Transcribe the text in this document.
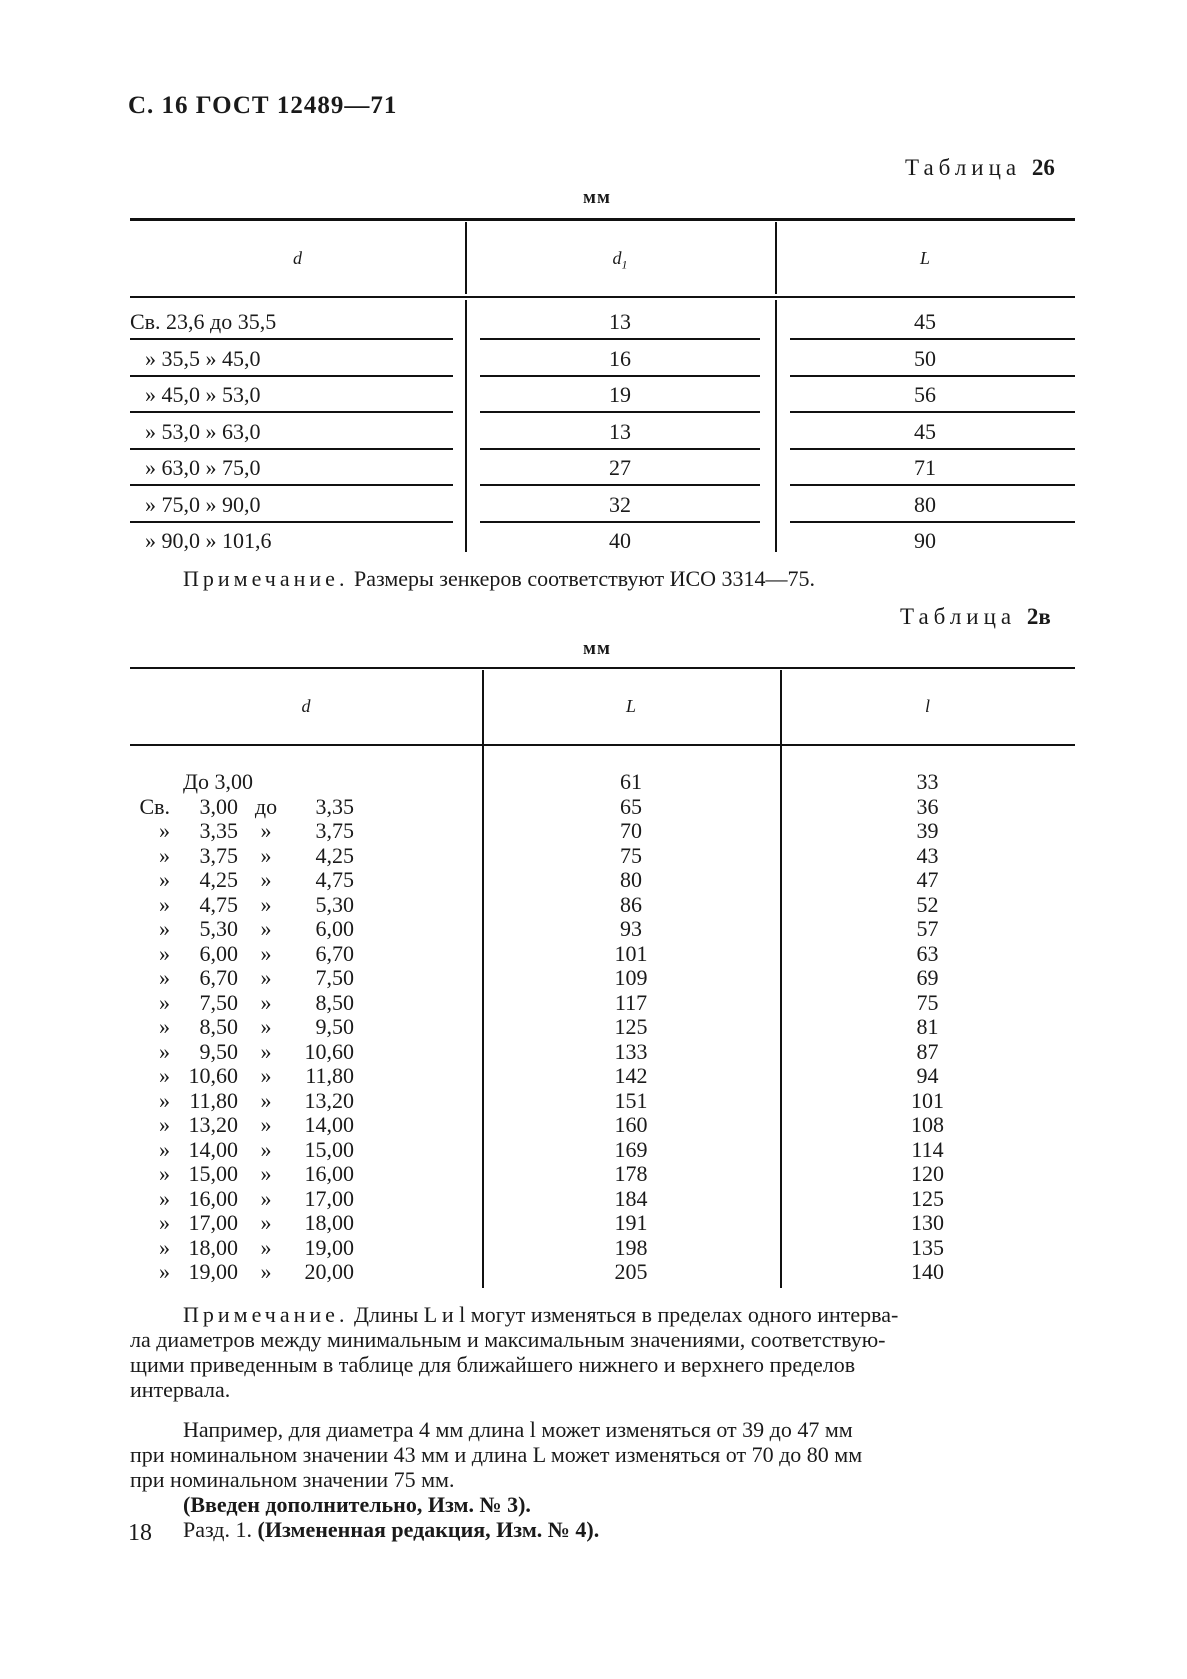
С. 16 ГОСТ 12489—71
Таблица 26
мм
d	$d_1$	L
Св. 23,6 до 35,5	13	45
» 35,5 » 45,0	16	50
» 45,0 » 53,0	19	56
» 53,0 » 63,0	13	45
» 63,0 » 75,0	27	71
» 75,0 » 90,0	32	80
» 90,0 » 101,6	40	90
Примечание. Размеры зенкеров соответствуют ИСО 3314—75.
Таблица 2в
мм
d	L	l
До 3,00	61	33
Св.	3,00 до	3,35	65	36
»	3,35	»	3,75	70	39
»	3,75	»	4,25	75	43
»	4,25	»	4,75	80	47
»	4,75	»	5,30	86	52
»	5,30	»	6,00	93	57
»	6,00	»	6,70	101	63
»	6,70	»	7,50	109	69
»	7,50	»	8,50	117	75
»	8,50	»	9,50	125	81
»	9,50	»	10,60	133	87
» 10,60	»	11,80	142	94
» 11,80	»	13,20	151	101
» 13,20	»	14,00	160	108
» 14,00	»	15,00	169	114
» 15,00	»	16,00	178	120
» 16,00	»	17,00	184	125
» 17,00	»	18,00	191	130
» 18,00	»	19,00	198	135
» 19,00	»	20,00	205	140
Примечание. Длины L и l могут изменяться в пределах одного интерва-
ла диаметров между минимальным и максимальным значениями, соответствую-
щими приведенным в таблице для ближайшего нижнего и верхнего пределов
интервала.
Например, для диаметра 4 мм длина l может изменяться от 39 до 47 мм
при номинальном значении 43 мм и длина L может изменяться от 70 до 80 мм
при номинальном значении 75 мм.
(Введен дополнительно, Изм. № 3).
Разд. 1. (Измененная редакция, Изм. № 4).
18
